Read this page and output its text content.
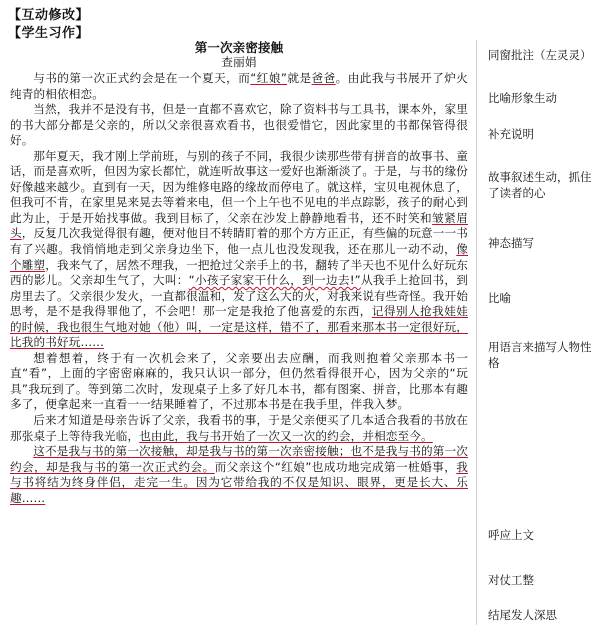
【互动修改】
【学生习作】
第一次亲密接触
查丽娟

与书的第一次正式约会是在一个夏天，而“红娘”就是爸爸。由此我与书展开了炉火纯青的相依相恋。

当然，我并不是没有书，但是一直都不喜欢它，除了资料书与工具书，课本外，家里的书大部分都是父亲的，所以父亲很喜欢看书，也很爱惜它，因此家里的书都保管得很好。

那年夏天，我才刚上学前班，与别的孩子不同，我很少读那些带有拼音的故事书、童话，而是喜欢听，但因为家长都忙，就连听故事这一爱好也渐渐淡了。于是，与书的缘份好像越来越少。直到有一天，因为维修电路的缘故而停电了。就这样，宝贝电视休息了，但我可不肯，在家里晃来晃去等着来电，但一个上午也不见电的半点踪影，孩子的耐心到此为止，于是开始找事做。我到目标了，父亲在沙发上静静地看书，还不时笑和皱紧眉头，反复几次我觉得很有趣，便对他目不转睛盯着的那个方方正正，有些偏的玩意一一书有了兴趣。我悄悄地走到父亲身边坐下，他一点儿也没发现我，还在那儿一动不动，像个雕塑，我来气了，居然不理我，一把抢过父亲手上的书，翻转了半天也不见什么好玩东西的影儿。父亲却生气了，大叫：“小孩子家家干什么，到一边去!”从我手上抢回书，到房里去了。父亲很少发火，一直都很温和，发了这么大的火，对我来说有些奇怪。我开始思考，是不是我得罪他了，不会吧！那一定是我抢了他喜爱的东西，记得别人抢我娃娃的时候，我也很生气地对她（他）叫，一定是这样，错不了，那看来那本书一定很好玩，比我的书好玩……

想着想着，终于有一次机会来了，父亲要出去应酬，而我则抱着父亲那本书一直“看”，上面的字密密麻麻的，我只认识一部分，但仍然看得很开心，因为父亲的“玩具”我玩到了。等到第二次时，发现桌子上多了好几本书，都有图案、拼音，比那本有趣多了，便拿起来一直看一一结果睡着了，不过那本书是在我手里，伴我入梦。

后来才知道是母亲告诉了父亲，我看书的事，于是父亲便买了几本适合我看的书放在那张桌子上等待我光临，也由此，我与书开始了一次又一次的约会，并相恋至今。

这不是我与书的第一次接触，却是我与书的第一次亲密接触；也不是我与书的第一次约会，却是我与书的第一次正式约会。而父亲这个“红娘”也成功地完成第一桩婚事，我与书将结为终身伴侣，走完一生。因为它带给我的不仅是知识、眼界，更是长大、乐趣……

同窗批注（左灵灵）
比喻形象生动
补充说明
故事叙述生动，抓住了读者的心
神态描写
比喻
用语言来描写人物性格
呼应上文
对仗工整
结尾发人深思
